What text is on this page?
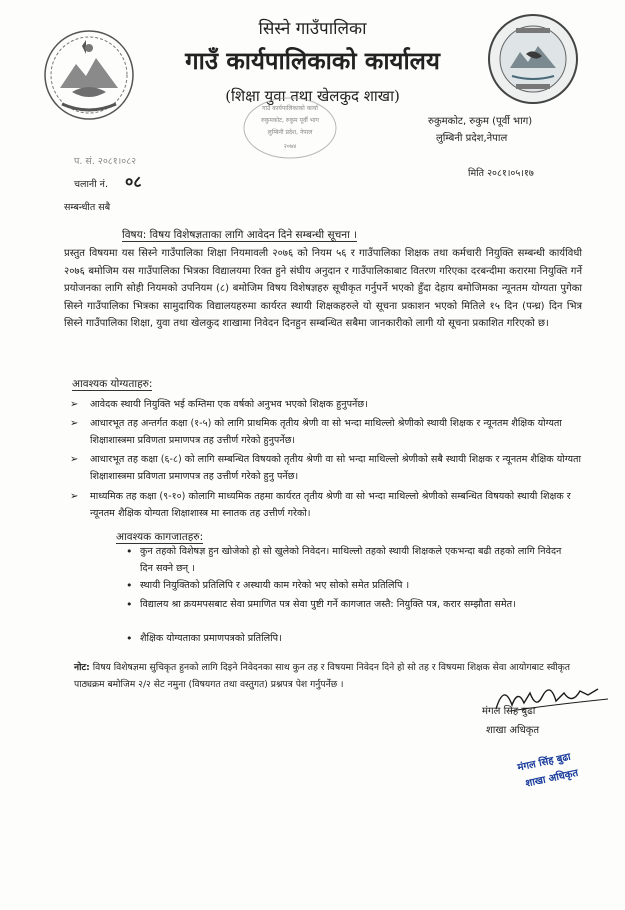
सिस्ने गाउँपालिका
गाउँ कार्यपालिकाको कार्यालय
(शिक्षा युवा तथा खेलकुद शाखा)
गाउँ कार्यपालिकाको कार्या
रुकुमकोट, रुकुम पूर्वी भाग
लुम्बिनी प्रदेश, नेपाल
२०७४
रुकुमकोट, रुकुम (पूर्वी भाग)
लुम्बिनी प्रदेश,नेपाल
प. सं. २०८१।०८२
चलानी नं. ०८	मिति २०८१।०५।१७
सम्बन्धीत सबै
विषय: विषय विशेषज्ञताका लागि आवेदन दिने सम्बन्धी सूचना ।
प्रस्तुत विषयमा यस सिस्ने गाउँपालिका शिक्षा नियमावली २०७६ को नियम ५६ र गाउँपालिका शिक्षक तथा कर्मचारी नियुक्ति सम्बन्धी कार्यविधी २०७६ बमोजिम यस गाउँपालिका भित्रका विद्यालयमा रिक्त हुने संघीय अनुदान र गाउँपालिकाबाट वितरण गरिएका दरबन्दीमा करारमा नियुक्ति गर्ने प्रयोजनका लागि सोही नियमको उपनियम (८) बमोजिम विषय विशेषज्ञहरु सूचीकृत गर्नुपर्ने भएको हुँदा देहाय बमोजिमका न्यूनतम योग्यता पुगेका सिस्ने गाउँपालिका भित्रका सामुदायिक विद्यालयहरुमा कार्यरत स्थायी शिक्षकहरुले यो सूचना प्रकाशन भएको मितिले १५ दिन (पन्ध्र) दिन भित्र सिस्ने गाउँपालिका शिक्षा, युवा तथा खेलकुद शाखामा निवेदन दिनहुन सम्बन्धित सबैमा जानकारीको लागी यो सूचना प्रकाशित गरिएको छ।
आवश्यक योग्यताहरु:
➢ आवेदक स्थायी नियुक्ति भई कम्तिमा एक वर्षको अनुभव भएको शिक्षक हुनुपर्नेछ।
➢ आधारभूत तह अन्तर्गत कक्षा (१-५) को लागि प्राथमिक तृतीय श्रेणी वा सो भन्दा माथिल्लो श्रेणीको स्थायी शिक्षक र न्यूनतम शैक्षिक योग्यता शिक्षाशास्त्रमा प्रविणता प्रमाणपत्र तह उत्तीर्ण गरेको हुनुपर्नेछ।
➢ आधारभूत तह कक्षा (६-८) को लागि सम्बन्धित विषयको तृतीय श्रेणी वा सो भन्दा माथिल्लो श्रेणीको सबै स्थायी शिक्षक र न्यूनतम शैक्षिक योग्यता शिक्षाशास्त्रमा प्रविणता प्रमाणपत्र तह उत्तीर्ण गरेको हुनु पर्नेछ।
➢ माध्यमिक तह कक्षा (९-१०) कोलागि माध्यमिक तहमा कार्यरत तृतीय श्रेणी वा सो भन्दा माथिल्लो श्रेणीको सम्बन्धित विषयको स्थायी शिक्षक र न्यूनतम शैक्षिक योग्यता शिक्षाशास्त्र मा स्नातक तह उत्तीर्ण गरेको।
आवश्यक कागजातहरु:
• कुन तहको विशेषज्ञ हुन खोजेको हो सो खुलेको निवेदन। माथिल्लो तहको स्थायी शिक्षकले एकभन्दा बढी तहको लागि निवेदन दिन सक्ने छन् ।
• स्थायी नियुक्तिको प्रतिलिपि र अस्थायी काम गरेको भए सोको समेत प्रतिलिपि ।
• विद्यालय श्रा क्रयमपसबाट सेवा प्रमाणित पत्र सेवा पुष्टी गर्ने कागजात जस्तै: नियुक्ति पत्र, करार सम्झौता समेत।
• शैक्षिक योग्यताका प्रमाणपत्रको प्रतिलिपि।
नोट: विषय विशेषज्ञमा सुचिकृत हुनको लागि दिइने निवेदनका साथ कुन तह र विषयमा निवेदन दिने हो सो तह र विषयमा शिक्षक सेवा आयोगबाट स्वीकृत पाठ्यक्रम बमोजिम २/२ सेट नमुना (विषयगत तथा वस्तुगत) प्रश्नपत्र पेश गर्नुपर्नेछ ।
मंगल सिंह बुढा
शाखा अधिकृत
मंगल सिंह बुढा
शाखा अधिकृत
